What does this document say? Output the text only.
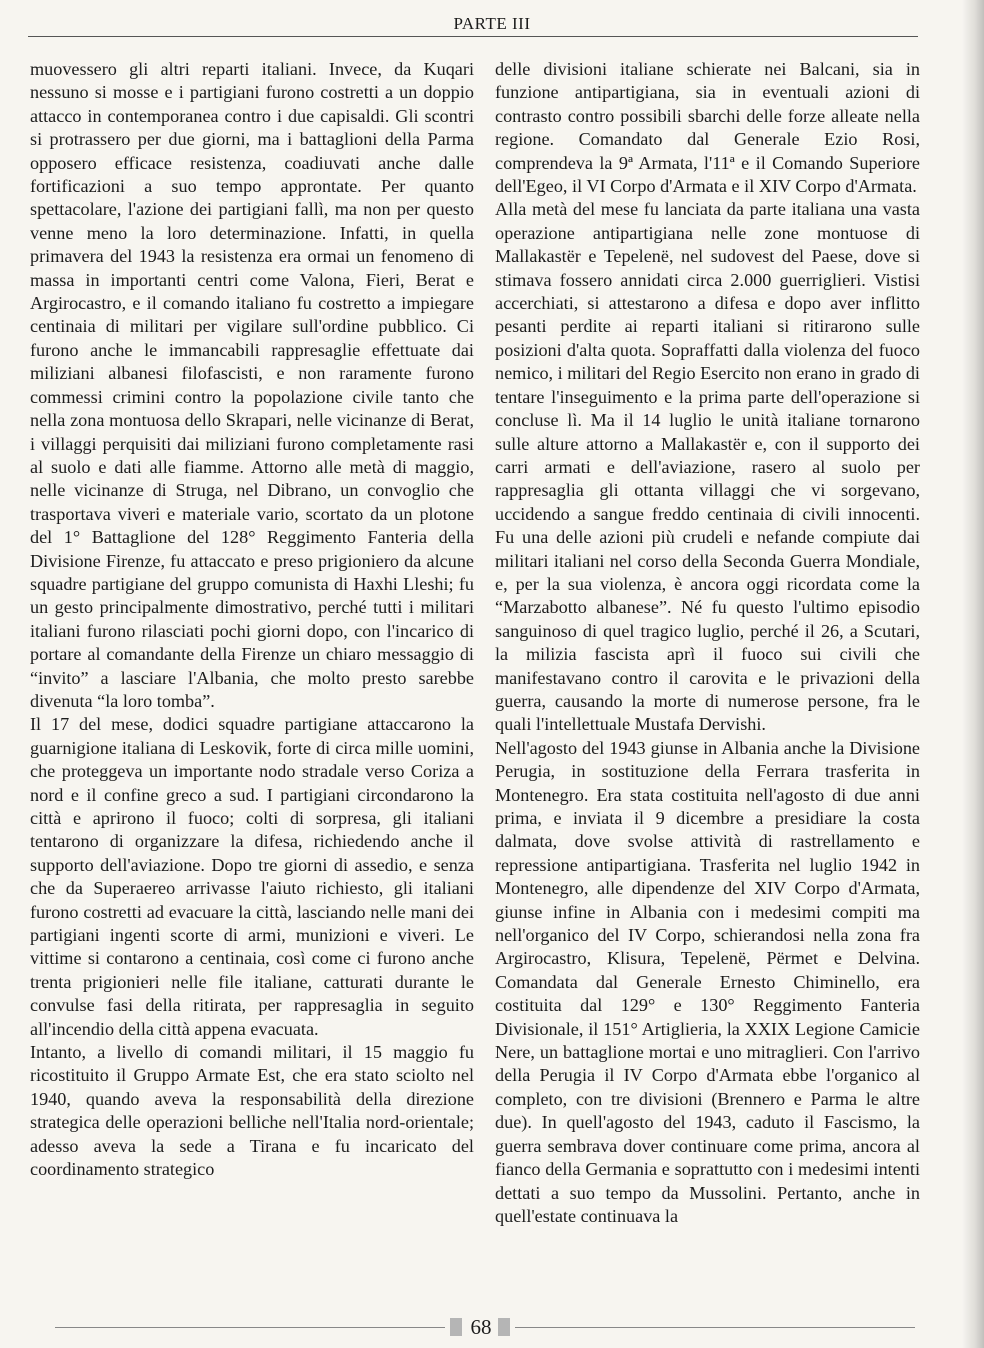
PARTE III

muovessero gli altri reparti italiani. Invece, da Kuqari nessuno si mosse e i partigiani furono costretti a un doppio attacco in contemporanea contro i due capisaldi. Gli scontri si protrassero per due giorni, ma i battaglioni della Parma opposero efficace resistenza, coadiuvati anche dalle fortificazioni a suo tempo approntate. Per quanto spettacolare, l'azione dei partigiani fallì, ma non per questo venne meno la loro determinazione. Infatti, in quella primavera del 1943 la resistenza era ormai un fenomeno di massa in importanti centri come Valona, Fieri, Berat e Argirocastro, e il comando italiano fu costretto a impiegare centinaia di militari per vigilare sull'ordine pubblico. Ci furono anche le immancabili rappresaglie effettuate dai miliziani albanesi filofascisti, e non raramente furono commessi crimini contro la popolazione civile tanto che nella zona montuosa dello Skrapari, nelle vicinanze di Berat, i villaggi perquisiti dai miliziani furono completamente rasi al suolo e dati alle fiamme. Attorno alle metà di maggio, nelle vicinanze di Struga, nel Dibrano, un convoglio che trasportava viveri e materiale vario, scortato da un plotone del 1° Battaglione del 128° Reggimento Fanteria della Divisione Firenze, fu attaccato e preso prigioniero da alcune squadre partigiane del gruppo comunista di Haxhi Lleshi; fu un gesto principalmente dimostrativo, perché tutti i militari italiani furono rilasciati pochi giorni dopo, con l'incarico di portare al comandante della Firenze un chiaro messaggio di “invito” a lasciare l'Albania, che molto presto sarebbe divenuta “la loro tomba”.

Il 17 del mese, dodici squadre partigiane attaccarono la guarnigione italiana di Leskovik, forte di circa mille uomini, che proteggeva un importante nodo stradale verso Coriza a nord e il confine greco a sud. I partigiani circondarono la città e aprirono il fuoco; colti di sorpresa, gli italiani tentarono di organizzare la difesa, richiedendo anche il supporto dell'aviazione. Dopo tre giorni di assedio, e senza che da Superaereo arrivasse l'aiuto richiesto, gli italiani furono costretti ad evacuare la città, lasciando nelle mani dei partigiani ingenti scorte di armi, munizioni e viveri. Le vittime si contarono a centinaia, così come ci furono anche trenta prigionieri nelle file italiane, catturati durante le convulse fasi della ritirata, per rappresaglia in seguito all'incendio della città appena evacuata.

Intanto, a livello di comandi militari, il 15 maggio fu ricostituito il Gruppo Armate Est, che era stato sciolto nel 1940, quando aveva la responsabilità della direzione strategica delle operazioni belliche nell'Italia nord-orientale; adesso aveva la sede a Tirana e fu incaricato del coordinamento strategico

delle divisioni italiane schierate nei Balcani, sia in funzione antipartigiana, sia in eventuali azioni di contrasto contro possibili sbarchi delle forze alleate nella regione. Comandato dal Generale Ezio Rosi, comprendeva la 9ª Armata, l'11ª e il Comando Superiore dell'Egeo, il VI Corpo d'Armata e il XIV Corpo d'Armata.

Alla metà del mese fu lanciata da parte italiana una vasta operazione antipartigiana nelle zone montuose di Mallakastër e Tepelenë, nel sudovest del Paese, dove si stimava fossero annidati circa 2.000 guerriglieri. Vistisi accerchiati, si attestarono a difesa e dopo aver inflitto pesanti perdite ai reparti italiani si ritirarono sulle posizioni d'alta quota. Sopraffatti dalla violenza del fuoco nemico, i militari del Regio Esercito non erano in grado di tentare l'inseguimento e la prima parte dell'operazione si concluse lì. Ma il 14 luglio le unità italiane tornarono sulle alture attorno a Mallakastër e, con il supporto dei carri armati e dell'aviazione, rasero al suolo per rappresaglia gli ottanta villaggi che vi sorgevano, uccidendo a sangue freddo centinaia di civili innocenti. Fu una delle azioni più crudeli e nefande compiute dai militari italiani nel corso della Seconda Guerra Mondiale, e, per la sua violenza, è ancora oggi ricordata come la “Marzabotto albanese”. Né fu questo l'ultimo episodio sanguinoso di quel tragico luglio, perché il 26, a Scutari, la milizia fascista aprì il fuoco sui civili che manifestavano contro il carovita e le privazioni della guerra, causando la morte di numerose persone, fra le quali l'intellettuale Mustafa Dervishi.

Nell'agosto del 1943 giunse in Albania anche la Divisione Perugia, in sostituzione della Ferrara trasferita in Montenegro. Era stata costituita nell'agosto di due anni prima, e inviata il 9 dicembre a presidiare la costa dalmata, dove svolse attività di rastrellamento e repressione antipartigiana. Trasferita nel luglio 1942 in Montenegro, alle dipendenze del XIV Corpo d'Armata, giunse infine in Albania con i medesimi compiti ma nell'organico del IV Corpo, schierandosi nella zona fra Argirocastro, Klisura, Tepelenë, Përmet e Delvina. Comandata dal Generale Ernesto Chiminello, era costituita dal 129° e 130° Reggimento Fanteria Divisionale, il 151° Artiglieria, la XXIX Legione Camicie Nere, un battaglione mortai e uno mitraglieri. Con l'arrivo della Perugia il IV Corpo d'Armata ebbe l'organico al completo, con tre divisioni (Brennero e Parma le altre due). In quell'agosto del 1943, caduto il Fascismo, la guerra sembrava dover continuare come prima, ancora al fianco della Germania e soprattutto con i medesimi intenti dettati a suo tempo da Mussolini. Pertanto, anche in quell'estate continuava la

68
